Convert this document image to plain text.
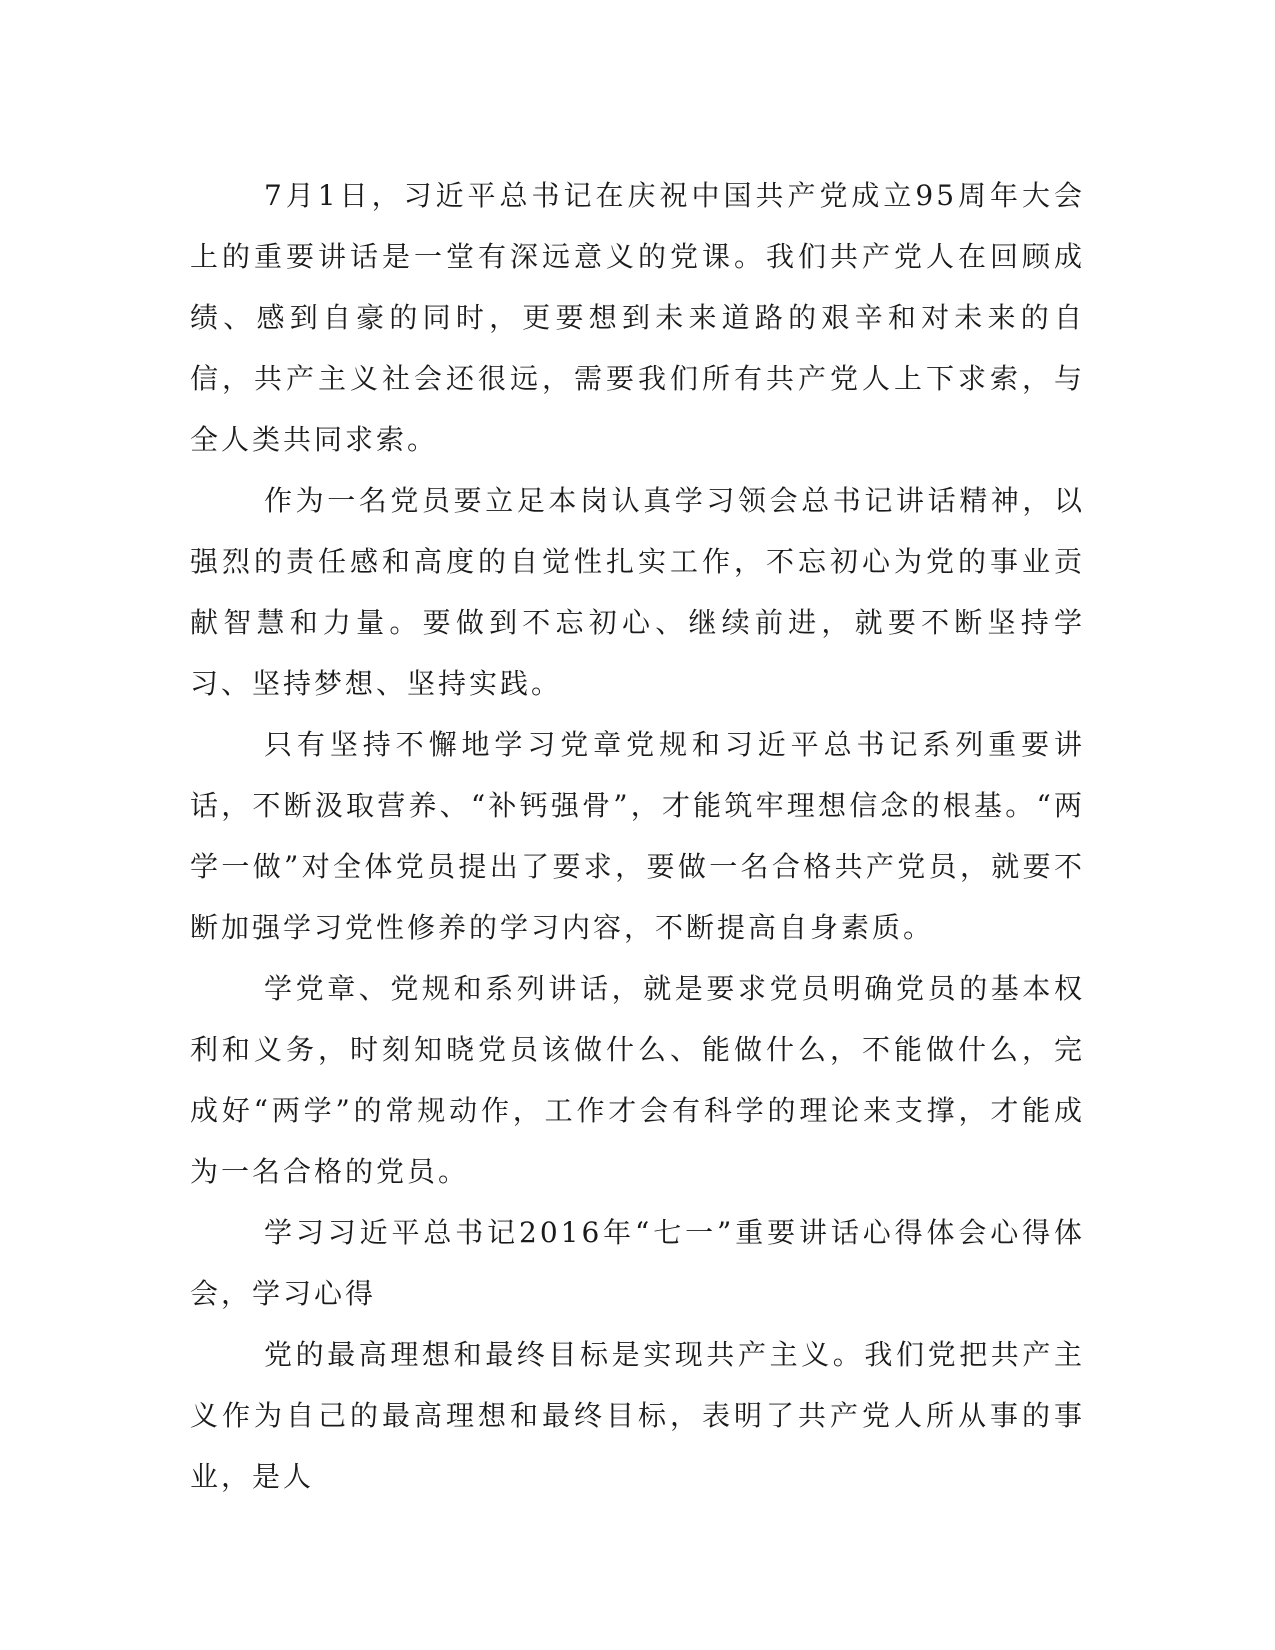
7月1日，习近平总书记在庆祝中国共产党成立95周年大会上的重要讲话是一堂有深远意义的党课。我们共产党人在回顾成绩、感到自豪的同时，更要想到未来道路的艰辛和对未来的自信，共产主义社会还很远，需要我们所有共产党人上下求索，与全人类共同求索。

作为一名党员要立足本岗认真学习领会总书记讲话精神，以强烈的责任感和高度的自觉性扎实工作，不忘初心为党的事业贡献智慧和力量。要做到不忘初心、继续前进，就要不断坚持学习、坚持梦想、坚持实践。

只有坚持不懈地学习党章党规和习近平总书记系列重要讲话，不断汲取营养、“补钙强骨”，才能筑牢理想信念的根基。“两学一做”对全体党员提出了要求，要做一名合格共产党员，就要不断加强学习党性修养的学习内容，不断提高自身素质。

学党章、党规和系列讲话，就是要求党员明确党员的基本权利和义务，时刻知晓党员该做什么、能做什么，不能做什么，完成好“两学”的常规动作，工作才会有科学的理论来支撑，才能成为一名合格的党员。

学习习近平总书记2016年“七一”重要讲话心得体会心得体会，学习心得

党的最高理想和最终目标是实现共产主义。我们党把共产主义作为自己的最高理想和最终目标，表明了共产党人所从事的事业，是人
